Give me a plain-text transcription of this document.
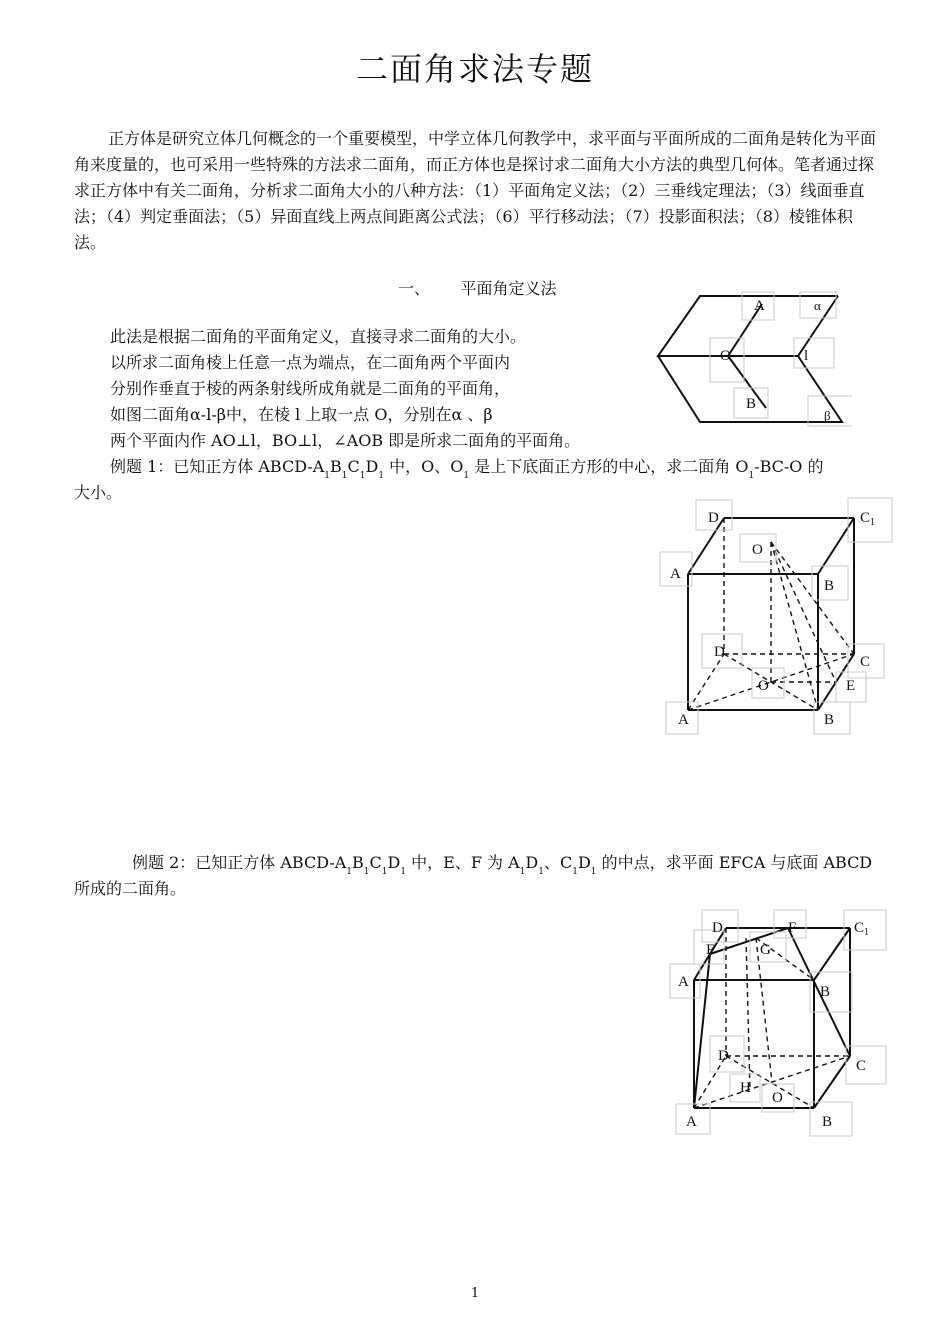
二面角求法专题

正方体是研究立体几何概念的一个重要模型，中学立体几何教学中，求平面与平面所成的二面角是转化为平面角来度量的，也可采用一些特殊的方法求二面角，而正方体也是探讨求二面角大小方法的典型几何体。笔者通过探求正方体中有关二面角，分析求二面角大小的八种方法：（1）平面角定义法；（2）三垂线定理法；（3）线面垂直法；（4）判定垂面法；（5）异面直线上两点间距离公式法；（6）平行移动法；（7）投影面积法；（8）棱锥体积法。

一、 平面角定义法
此法是根据二面角的平面角定义，直接寻求二面角的大小。
以所求二面角棱上任意一点为端点，在二面角两个平面内
分别作垂直于棱的两条射线所成角就是二面角的平面角，
如图二面角α-l-β中，在棱 l 上取一点 O，分别在α 、β
两个平面内作 AO⊥l，BO⊥l，∠AOB 即是所求二面角的平面角。
例题 1：已知正方体 ABCD-$A_1B_1C_1D_1$ 中，O、$O_1$ 是上下底面正方形的中心，求二面角 $O_1-BC-O$ 的
大小。
例题 2：已知正方体 ABCD-$A_1B_1C_1D_1$ 中，E、F 为 $A_1D_1$、$C_1D_1$ 的中点，求平面 EFCA 与底面 ABCD
所成的二面角。
A	α
O	l
B
β
D	$C_1$
O
A
B
D
C
O	E
A	B
D	F	$C_1$
E	G
A
B
D
C
H
O
A	B
1
